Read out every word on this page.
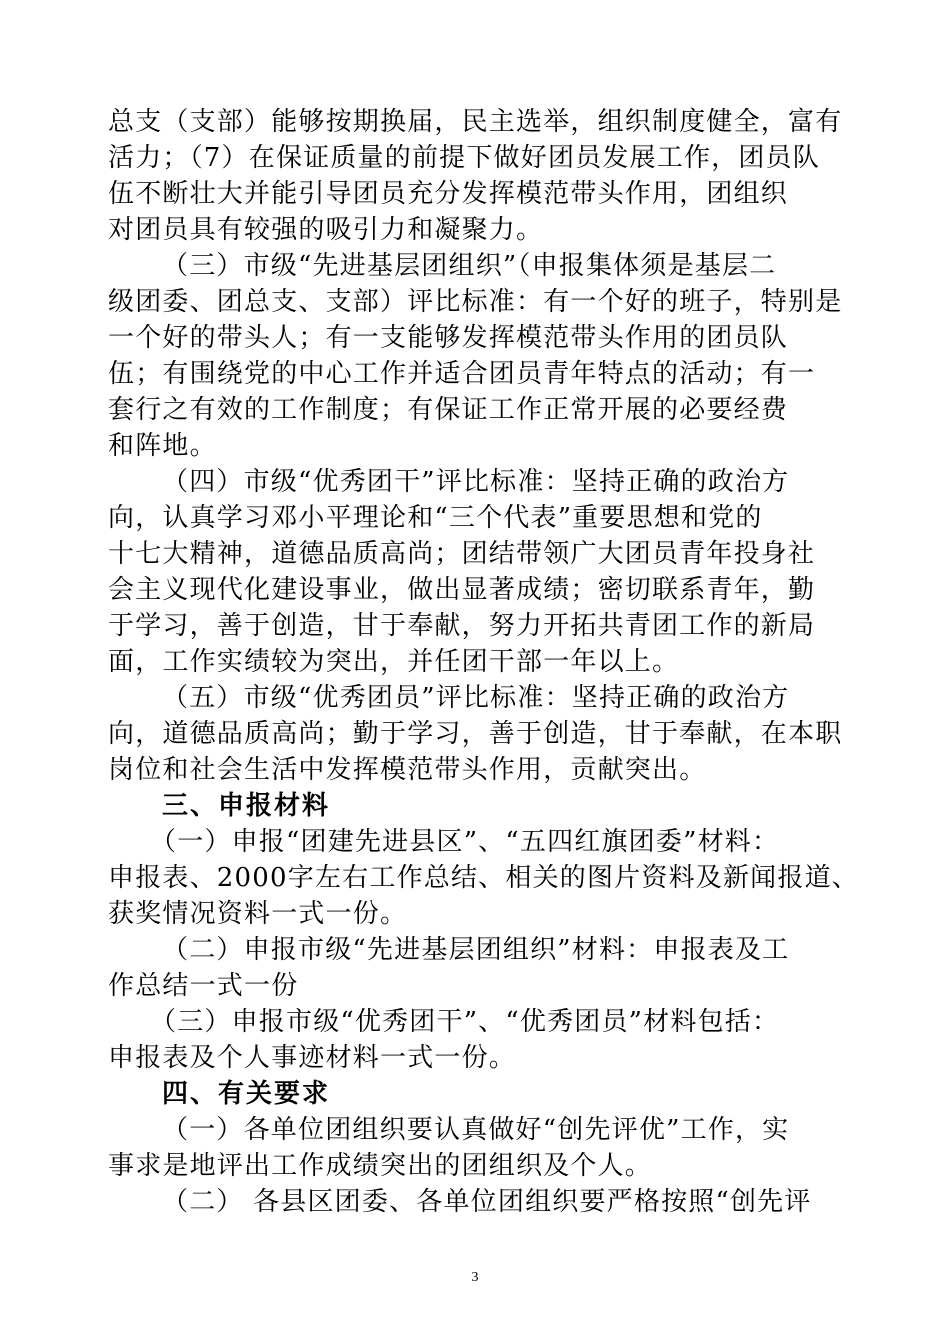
总支（支部）能够按期换届，民主选举，组织制度健全，富有
活力；（7）在保证质量的前提下做好团员发展工作，团员队
伍不断壮大并能引导团员充分发挥模范带头作用，团组织
对团员具有较强的吸引力和凝聚力。
（三）市级“先进基层团组织”（申报集体须是基层二
级团委、团总支、支部）评比标准：有一个好的班子，特别是
一个好的带头人；有一支能够发挥模范带头作用的团员队
伍；有围绕党的中心工作并适合团员青年特点的活动；有一
套行之有效的工作制度；有保证工作正常开展的必要经费
和阵地。
（四）市级“优秀团干”评比标准：坚持正确的政治方
向，认真学习邓小平理论和“三个代表”重要思想和党的
十七大精神，道德品质高尚；团结带领广大团员青年投身社
会主义现代化建设事业，做出显著成绩；密切联系青年，勤
于学习，善于创造，甘于奉献，努力开拓共青团工作的新局
面，工作实绩较为突出，并任团干部一年以上。
（五）市级“优秀团员”评比标准：坚持正确的政治方
向，道德品质高尚；勤于学习，善于创造，甘于奉献，在本职
岗位和社会生活中发挥模范带头作用，贡献突出。
三、申报材料
（一）申报“团建先进县区”、“五四红旗团委”材料：
申报表、2000字左右工作总结、相关的图片资料及新闻报道、
获奖情况资料一式一份。
（二）申报市级“先进基层团组织”材料：申报表及工
作总结一式一份
（三）申报市级“优秀团干”、“优秀团员”材料包括：
申报表及个人事迹材料一式一份。
四、有关要求
（一）各单位团组织要认真做好“创先评优”工作，实
事求是地评出工作成绩突出的团组织及个人。
（二） 各县区团委、各单位团组织要严格按照“创先评
3
